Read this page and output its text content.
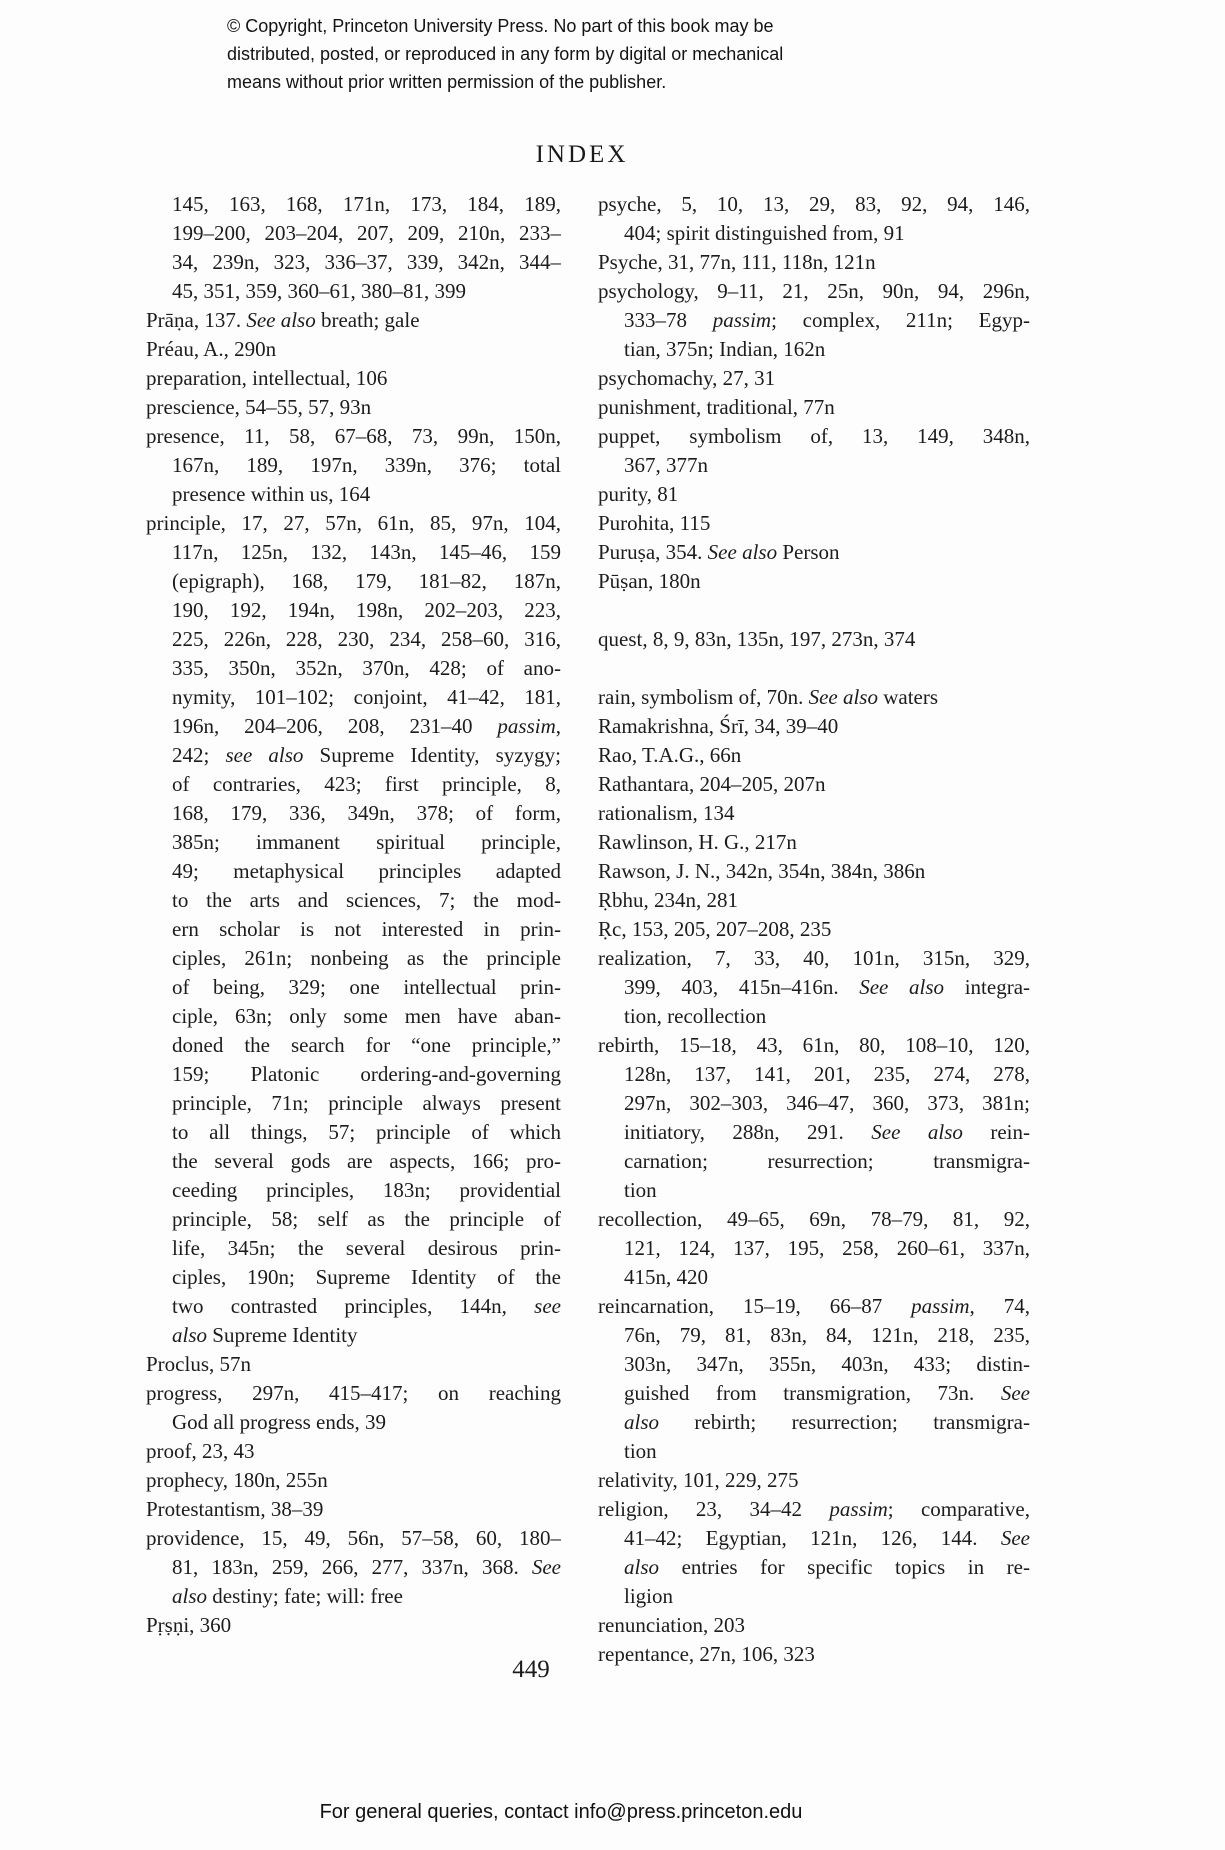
© Copyright, Princeton University Press. No part of this book may be
distributed, posted, or reproduced in any form by digital or mechanical
means without prior written permission of the publisher.
INDEX
145, 163, 168, 171n, 173, 184, 189,
199–200, 203–204, 207, 209, 210n, 233–
34, 239n, 323, 336–37, 339, 342n, 344–
45, 351, 359, 360–61, 380–81, 399
Prāṇa, 137. See also breath; gale
Préau, A., 290n
preparation, intellectual, 106
prescience, 54–55, 57, 93n
presence, 11, 58, 67–68, 73, 99n, 150n,
167n, 189, 197n, 339n, 376; total
presence within us, 164
principle, 17, 27, 57n, 61n, 85, 97n, 104,
117n, 125n, 132, 143n, 145–46, 159
(epigraph), 168, 179, 181–82, 187n,
190, 192, 194n, 198n, 202–203, 223,
225, 226n, 228, 230, 234, 258–60, 316,
335, 350n, 352n, 370n, 428; of ano-
nymity, 101–102; conjoint, 41–42, 181,
196n, 204–206, 208, 231–40 passim,
242; see also Supreme Identity, syzygy;
of contraries, 423; first principle, 8,
168, 179, 336, 349n, 378; of form,
385n; immanent spiritual principle,
49; metaphysical principles adapted
to the arts and sciences, 7; the mod-
ern scholar is not interested in prin-
ciples, 261n; nonbeing as the principle
of being, 329; one intellectual prin-
ciple, 63n; only some men have aban-
doned the search for “one principle,”
159; Platonic ordering-and-governing
principle, 71n; principle always present
to all things, 57; principle of which
the several gods are aspects, 166; pro-
ceeding principles, 183n; providential
principle, 58; self as the principle of
life, 345n; the several desirous prin-
ciples, 190n; Supreme Identity of the
two contrasted principles, 144n, see
also Supreme Identity
Proclus, 57n
progress, 297n, 415–417; on reaching
God all progress ends, 39
proof, 23, 43
prophecy, 180n, 255n
Protestantism, 38–39
providence, 15, 49, 56n, 57–58, 60, 180–
81, 183n, 259, 266, 277, 337n, 368. See
also destiny; fate; will: free
Pṛṣṇi, 360
psyche, 5, 10, 13, 29, 83, 92, 94, 146,
404; spirit distinguished from, 91
Psyche, 31, 77n, 111, 118n, 121n
psychology, 9–11, 21, 25n, 90n, 94, 296n,
333–78 passim; complex, 211n; Egyp-
tian, 375n; Indian, 162n
psychomachy, 27, 31
punishment, traditional, 77n
puppet, symbolism of, 13, 149, 348n,
367, 377n
purity, 81
Purohita, 115
Puruṣa, 354. See also Person
Pūṣan, 180n
quest, 8, 9, 83n, 135n, 197, 273n, 374
rain, symbolism of, 70n. See also waters
Ramakrishna, Śrī, 34, 39–40
Rao, T.A.G., 66n
Rathantara, 204–205, 207n
rationalism, 134
Rawlinson, H. G., 217n
Rawson, J. N., 342n, 354n, 384n, 386n
Ṛbhu, 234n, 281
Ṛc, 153, 205, 207–208, 235
realization, 7, 33, 40, 101n, 315n, 329,
399, 403, 415n–416n. See also integra-
tion, recollection
rebirth, 15–18, 43, 61n, 80, 108–10, 120,
128n, 137, 141, 201, 235, 274, 278,
297n, 302–303, 346–47, 360, 373, 381n;
initiatory, 288n, 291. See also rein-
carnation; resurrection; transmigra-
tion
recollection, 49–65, 69n, 78–79, 81, 92,
121, 124, 137, 195, 258, 260–61, 337n,
415n, 420
reincarnation, 15–19, 66–87 passim, 74,
76n, 79, 81, 83n, 84, 121n, 218, 235,
303n, 347n, 355n, 403n, 433; distin-
guished from transmigration, 73n. See
also rebirth; resurrection; transmigra-
tion
relativity, 101, 229, 275
religion, 23, 34–42 passim; comparative,
41–42; Egyptian, 121n, 126, 144. See
also entries for specific topics in re-
ligion
renunciation, 203
repentance, 27n, 106, 323
449
For general queries, contact info@press.princeton.edu
